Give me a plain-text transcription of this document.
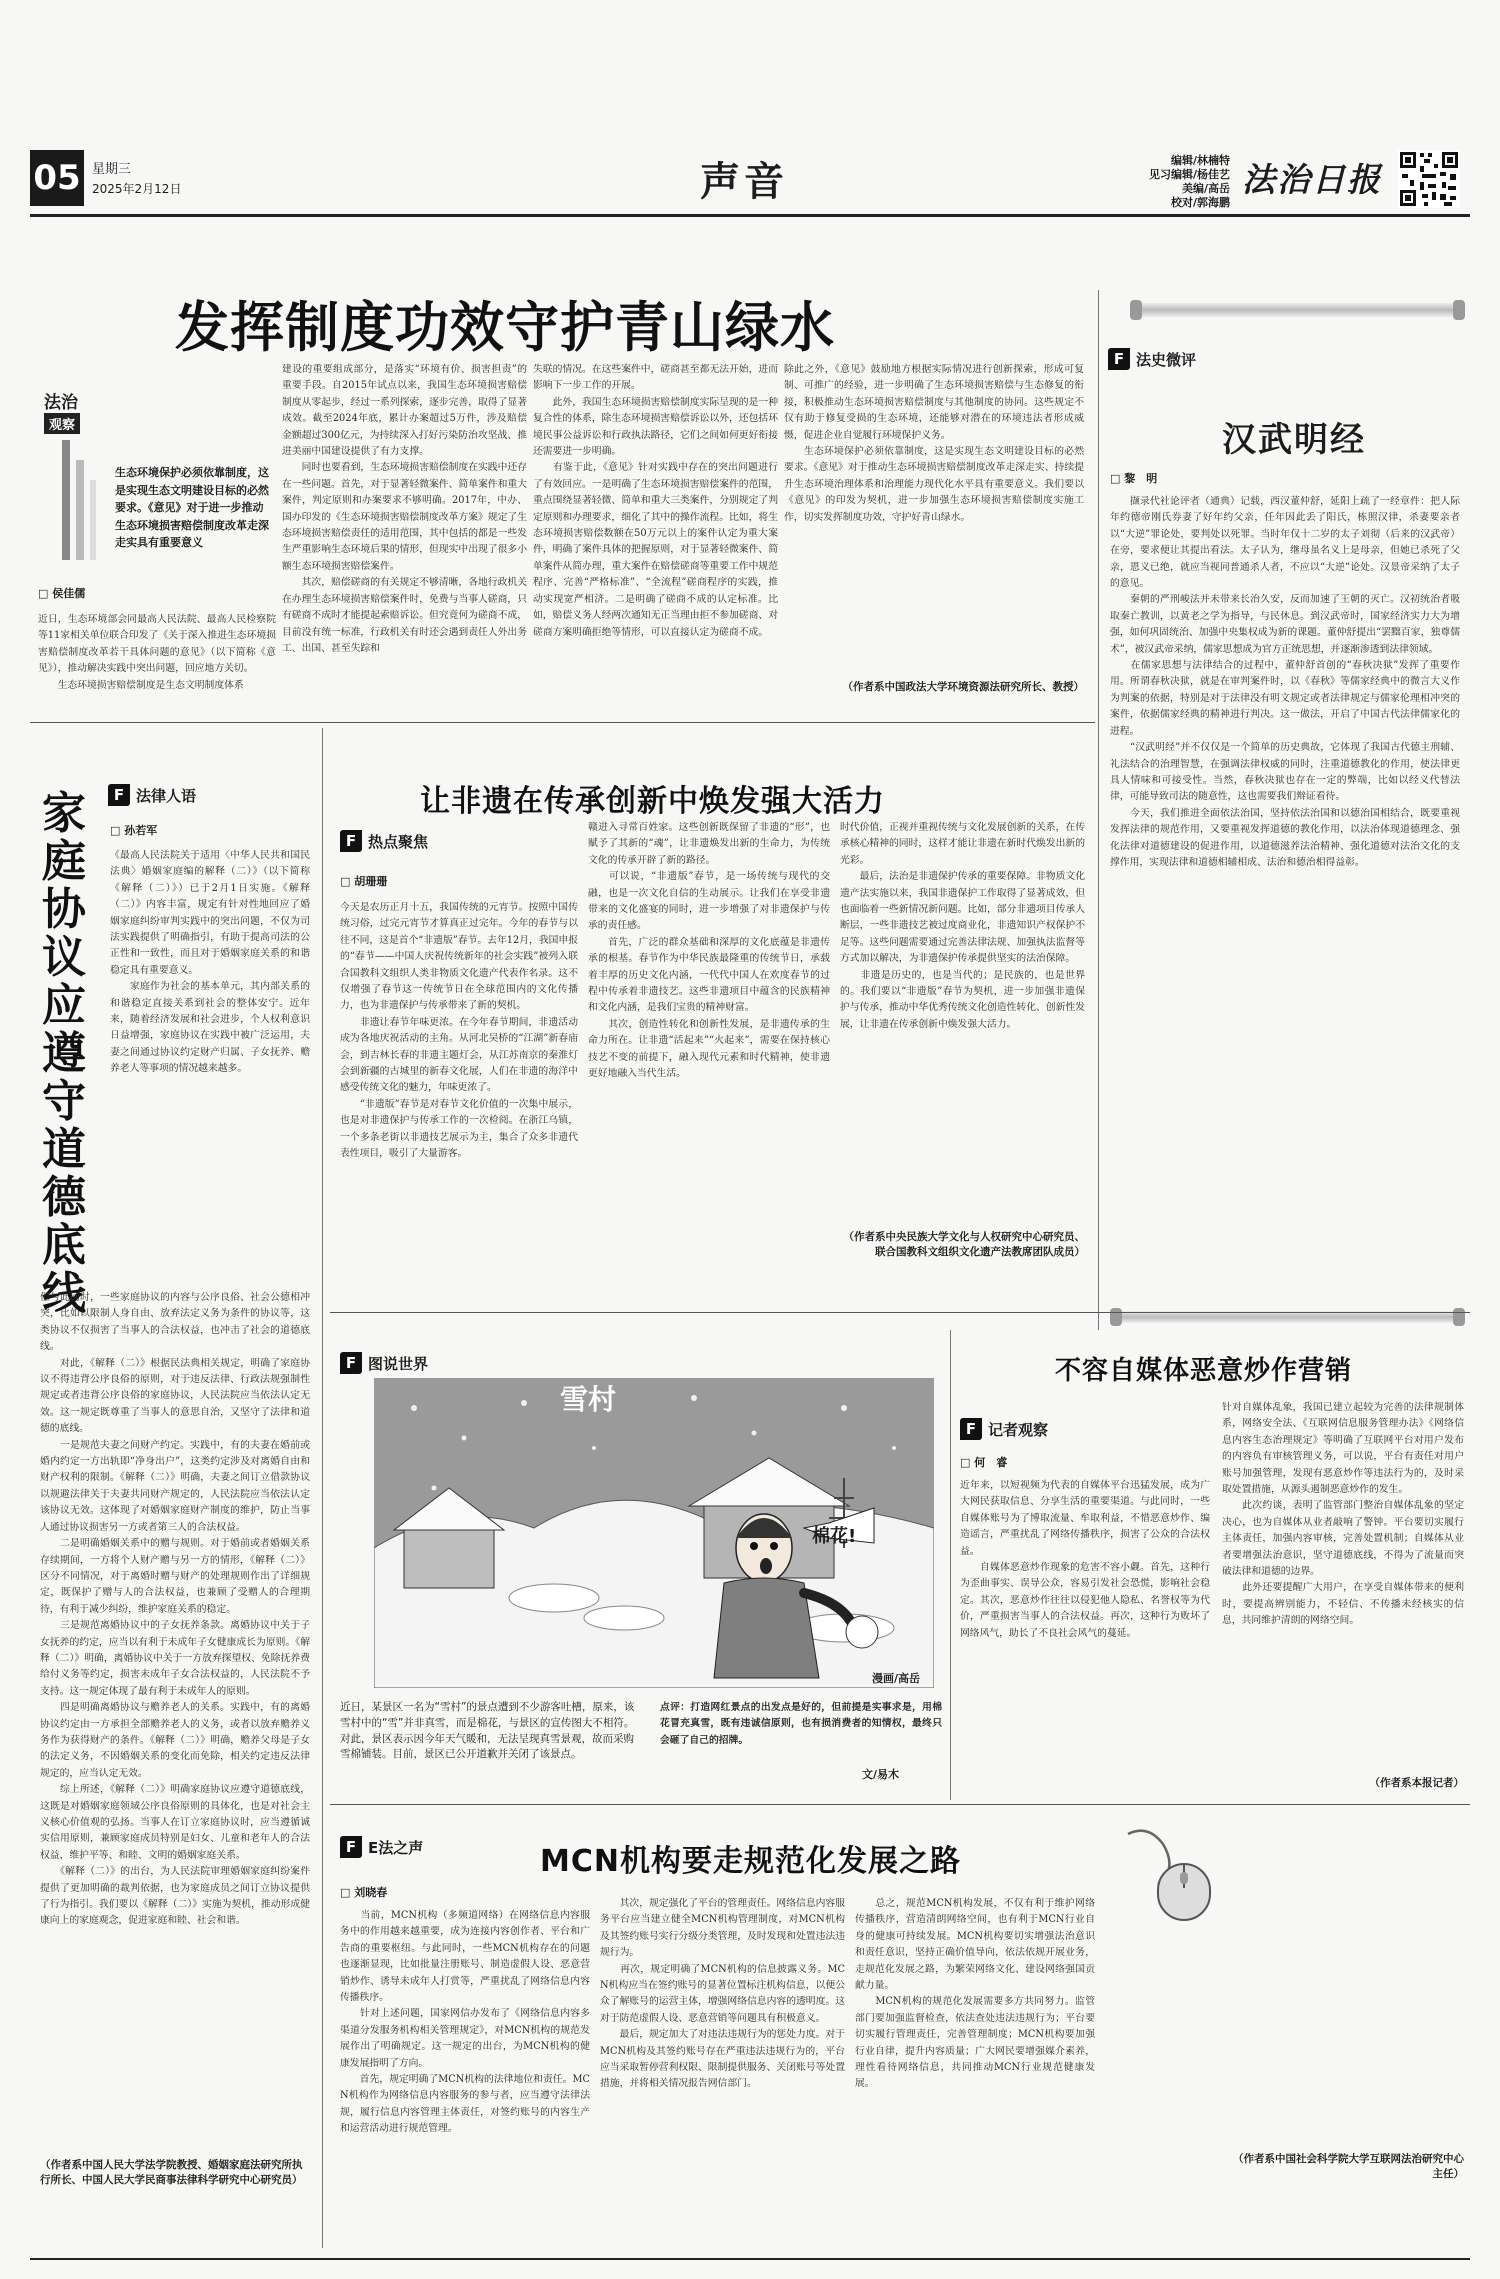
05 星期三
2025年2月12日	声音	编辑/林楠特
见习编辑/杨佳艺
美编/高岳
校对/郭海鹏
法治日报
发挥制度功效守护青山绿水
法治
观察
生态环境保护必须依靠制度，这是实现生态文明建设目标的必然要求。《意见》对于进一步推动生态环境损害赔偿制度改革走深走实具有重要意义
□ 侯佳儒
近日，生态环境部会同最高人民法院、最高人民检察院等11家相关单位联合印发了《关于深入推进生态环境损害赔偿制度改革若干具体问题的意见》（以下简称《意见》），推动解决实践中突出问题，回应地方关切。
　　生态环境损害赔偿制度是生态文明制度体系
建设的重要组成部分，是落实“环境有价、损害担责”的重要手段。自2015年试点以来，我国生态环境损害赔偿制度从零起步，经过一系列探索，逐步完善，取得了显著成效。截至2024年底，累计办案超过5万件，涉及赔偿金额超过300亿元，为持续深入打好污染防治攻坚战、推进美丽中国建设提供了有力支撑。
　　同时也要看到，生态环境损害赔偿制度在实践中还存在一些问题。首先，对于显著轻微案件、简单案件和重大案件，判定原则和办案要求不够明确。2017年，中办、国办印发的《生态环境损害赔偿制度改革方案》规定了生态环境损害赔偿责任的适用范围，其中包括的都是一些发生严重影响生态环境后果的情形，但现实中出现了很多小额生态环境损害赔偿案件。
　　其次，赔偿磋商的有关规定不够清晰，各地行政机关在办理生态环境损害赔偿案件时，免费与当事人磋商，只有磋商不成时才能提起索赔诉讼。但究竟何为磋商不成，目前没有统一标准，行政机关有时还会遇到责任人外出务工、出国、甚至失踪和
失联的情况。在这些案件中，磋商甚至都无法开始，进而影响下一步工作的开展。
　　此外，我国生态环境损害赔偿制度实际呈现的是一种复合性的体系，除生态环境损害赔偿诉讼以外，还包括环境民事公益诉讼和行政执法路径，它们之间如何更好衔接还需要进一步明确。
　　有鉴于此，《意见》针对实践中存在的突出问题进行了有效回应。一是明确了生态环境损害赔偿案件的范围，重点围绕显著轻微、简单和重大三类案件，分别规定了判定原则和办理要求，细化了其中的操作流程。比如，将生态环境损害赔偿数额在50万元以上的案件认定为重大案件，明确了案件具体的把握原则，对于显著轻微案件、简单案件从简办理，重大案件在赔偿磋商等重要工作中规范程序、完善“严格标准”、“全流程”磋商程序的实践，推动实现宽严相济。二是明确了磋商不成的认定标准。比如，赔偿义务人经两次通知无正当理由拒不参加磋商、对磋商方案明确拒绝等情形，可以直接认定为磋商不成。
除此之外，《意见》鼓励地方根据实际情况进行创新探索，形成可复制、可推广的经验，进一步明确了生态环境损害赔偿与生态修复的衔接，积极推动生态环境损害赔偿制度与其他制度的协同。这些规定不仅有助于修复受损的生态环境，还能够对潜在的环境违法者形成威慑，促进企业自觉履行环境保护义务。
　　生态环境保护必须依靠制度，这是实现生态文明建设目标的必然要求。《意见》对于推动生态环境损害赔偿制度改革走深走实、持续提升生态环境治理体系和治理能力现代化水平具有重要意义。我们要以《意见》的印发为契机，进一步加强生态环境损害赔偿制度实施工作，切实发挥制度功效，守护好青山绿水。
（作者系中国政法大学环境资源法研究所长、教授）
F 法史微评
汉武明经
□ 黎　明
　　撷录代社论评者（通典）记载，西汉董仲舒，延阳上疏了一经章件：把人际年约德帝刚氏券妻了好年约父亲，任年因此丢了阳氏，栋照汉律，杀妻要亲者以“大逆”罪论处，要判处以死罪。当时年仅十二岁的太子刘彻（后来的汉武帝）在旁，要求便让其提出看法。太子认为，继母虽名义上是母亲，但她已杀死了父亲，恩义已绝，就应当视同普通杀人者，不应以“大逆”论处。汉景帝采纳了太子的意见。
　　秦朝的严刑峻法并未带来长治久安，反而加速了王朝的灭亡。汉初统治者吸取秦亡教训，以黄老之学为指导，与民休息。到汉武帝时，国家经济实力大为增强，如何巩固统治、加强中央集权成为新的课题。董仲舒提出“罢黜百家，独尊儒术”，被汉武帝采纳，儒家思想成为官方正统思想，并逐渐渗透到法律领域。
　　在儒家思想与法律结合的过程中，董仲舒首创的“春秋决狱”发挥了重要作用。所谓春秋决狱，就是在审判案件时，以《春秋》等儒家经典中的微言大义作为判案的依据，特别是对于法律没有明文规定或者法律规定与儒家伦理相冲突的案件，依据儒家经典的精神进行判决。这一做法，开启了中国古代法律儒家化的进程。
　　“汉武明经”并不仅仅是一个简单的历史典故，它体现了我国古代德主刑辅、礼法结合的治理智慧，在强调法律权威的同时，注重道德教化的作用，使法律更具人情味和可接受性。当然，春秋决狱也存在一定的弊端，比如以经义代替法律，可能导致司法的随意性，这也需要我们辩证看待。
　　今天，我们推进全面依法治国，坚持依法治国和以德治国相结合，既要重视发挥法律的规范作用，又要重视发挥道德的教化作用，以法治体现道德理念、强化法律对道德建设的促进作用，以道德滋养法治精神、强化道德对法治文化的支撑作用，实现法律和道德相辅相成、法治和德治相得益彰。
F 法律人语
□ 孙若军
家庭协议应遵守道德底线
《最高人民法院关于适用〈中华人民共和国民法典〉婚姻家庭编的解释（二）》（以下简称《解释（二）》）已于2月1日实施。《解释（二）》内容丰富，规定有针对性地回应了婚姻家庭纠纷审判实践中的突出问题，不仅为司法实践提供了明确指引，有助于提高司法的公正性和一致性，而且对于婚姻家庭关系的和谐稳定具有重要意义。
　　家庭作为社会的基本单元，其内部关系的和谐稳定直接关系到社会的整体安宁。近年来，随着经济发展和社会进步，个人权利意识日益增强，家庭协议在实践中被广泛运用，夫妻之间通过协议约定财产归属、子女抚养、赡养老人等事项的情况越来越多。
但与此同时，一些家庭协议的内容与公序良俗、社会公德相冲突，比如以限制人身自由、放弃法定义务为条件的协议等，这类协议不仅损害了当事人的合法权益，也冲击了社会的道德底线。
　　对此，《解释（二）》根据民法典相关规定，明确了家庭协议不得违背公序良俗的原则，对于违反法律、行政法规强制性规定或者违背公序良俗的家庭协议，人民法院应当依法认定无效。这一规定既尊重了当事人的意思自治，又坚守了法律和道德的底线。
　　一是规范夫妻之间财产约定。实践中，有的夫妻在婚前或婚内约定一方出轨即“净身出户”，这类约定涉及对离婚自由和财产权利的限制。《解释（二）》明确，夫妻之间订立借款协议以规避法律关于夫妻共同财产规定的，人民法院应当依法认定该协议无效。这体现了对婚姻家庭财产制度的维护，防止当事人通过协议损害另一方或者第三人的合法权益。
　　二是明确婚姻关系中的赠与规则。对于婚前或者婚姻关系存续期间，一方将个人财产赠与另一方的情形，《解释（二）》区分不同情况，对于离婚时赠与财产的处理规则作出了详细规定，既保护了赠与人的合法权益，也兼顾了受赠人的合理期待，有利于减少纠纷，维护家庭关系的稳定。
　　三是规范离婚协议中的子女抚养条款。离婚协议中关于子女抚养的约定，应当以有利于未成年子女健康成长为原则。《解释（二）》明确，离婚协议中关于一方放弃探望权、免除抚养费给付义务等约定，损害未成年子女合法权益的，人民法院不予支持。这一规定体现了最有利于未成年人的原则。
　　四是明确离婚协议与赡养老人的关系。实践中，有的离婚协议约定由一方承担全部赡养老人的义务，或者以放弃赡养义务作为获得财产的条件。《解释（二）》明确，赡养父母是子女的法定义务，不因婚姻关系的变化而免除，相关约定违反法律规定的，应当认定无效。
　　综上所述，《解释（二）》明确家庭协议应遵守道德底线，这既是对婚姻家庭领域公序良俗原则的具体化，也是对社会主义核心价值观的弘扬。当事人在订立家庭协议时，应当遵循诚实信用原则，兼顾家庭成员特别是妇女、儿童和老年人的合法权益，维护平等、和睦、文明的婚姻家庭关系。
　　《解释（二）》的出台，为人民法院审理婚姻家庭纠纷案件提供了更加明确的裁判依据，也为家庭成员之间订立协议提供了行为指引。我们要以《解释（二）》实施为契机，推动形成健康向上的家庭观念，促进家庭和睦、社会和谐。
（作者系中国人民大学法学院教授、婚姻家庭法研究所执行所长、中国人民大学民商事法律科学研究中心研究员）
让非遗在传承创新中焕发强大活力
F 热点聚焦
□ 胡珊珊
今天是农历正月十五，我国传统的元宵节。按照中国传统习俗，过完元宵节才算真正过完年。今年的春节与以往不同，这是首个“非遗版”春节。去年12月，我国申报的“春节——中国人庆祝传统新年的社会实践”被列入联合国教科文组织人类非物质文化遗产代表作名录。这不仅增强了春节这一传统节日在全球范围内的文化传播力，也为非遗保护与传承带来了新的契机。
　　非遗让春节年味更浓。在今年春节期间，非遗活动成为各地庆祝活动的主角。从河北吴桥的“江湖”新春庙会，到吉林长春的非遗主题灯会，从江苏南京的秦淮灯会到新疆的古城里的新春文化展，人们在非遗的海洋中感受传统文化的魅力，年味更浓了。
　　“非遗版”春节是对春节文化价值的一次集中展示，也是对非遗保护与传承工作的一次检阅。在浙江乌镇，一个多条老街以非遗技艺展示为主，集合了众多非遗代表性项目，吸引了大量游客。
赣进入寻常百姓家。这些创新既保留了非遗的“形”，也赋予了其新的“魂”，让非遗焕发出新的生命力，为传统文化的传承开辟了新的路径。
　　可以说，“非遗版”春节，是一场传统与现代的交融，也是一次文化自信的生动展示。让我们在享受非遗带来的文化盛宴的同时，进一步增强了对非遗保护与传承的责任感。
　　首先，广泛的群众基础和深厚的文化底蕴是非遗传承的根基。春节作为中华民族最隆重的传统节日，承载着丰厚的历史文化内涵，一代代中国人在欢度春节的过程中传承着非遗技艺。这些非遗项目中蕴含的民族精神和文化内涵，是我们宝贵的精神财富。
　　其次，创造性转化和创新性发展，是非遗传承的生命力所在。让非遗“活起来”“火起来”，需要在保持核心技艺不变的前提下，融入现代元素和时代精神，使非遗更好地融入当代生活。
时代价值，正视并重视传统与文化发展创新的关系，在传承核心精神的同时，这样才能让非遗在新时代焕发出新的光彩。
　　最后，法治是非遗保护传承的重要保障。非物质文化遗产法实施以来，我国非遗保护工作取得了显著成效，但也面临着一些新情况新问题。比如，部分非遗项目传承人断层，一些非遗技艺被过度商业化，非遗知识产权保护不足等。这些问题需要通过完善法律法规、加强执法监督等方式加以解决，为非遗保护传承提供坚实的法治保障。
　　非遗是历史的，也是当代的；是民族的，也是世界的。我们要以“非遗版”春节为契机，进一步加强非遗保护与传承，推动中华优秀传统文化创造性转化、创新性发展，让非遗在传承创新中焕发强大活力。
（作者系中央民族大学文化与人权研究中心研究员、联合国教科文组织文化遗产法教席团队成员）
F 图说世界
雪村
棉花!
漫画/高岳
近日，某景区一名为“雪村”的景点遭到不少游客吐槽，原来，该雪村中的“雪”并非真雪，而是棉花，与景区的宣传图大不相符。对此，景区表示因今年天气暖和，无法呈现真雪景观，故而采购雪棉铺装。目前，景区已公开道歉并关闭了该景点。
点评：打造网红景点的出发点是好的，但前提是实事求是，用棉花冒充真雪，既有违诚信原则，也有损消费者的知情权，最终只会砸了自己的招牌。
文/易木
不容自媒体恶意炒作营销
F 记者观察
□ 何　睿
近年来，以短视频为代表的自媒体平台迅猛发展，成为广大网民获取信息、分享生活的重要渠道。与此同时，一些自媒体账号为了博取流量、牟取利益，不惜恶意炒作、编造谣言，严重扰乱了网络传播秩序，损害了公众的合法权益。
　　自媒体恶意炒作现象的危害不容小觑。首先，这种行为歪曲事实、误导公众，容易引发社会恐慌，影响社会稳定。其次，恶意炒作往往以侵犯他人隐私、名誉权等为代价，严重损害当事人的合法权益。再次，这种行为败坏了网络风气，助长了不良社会风气的蔓延。
针对自媒体乱象，我国已建立起较为完善的法律规制体系，网络安全法、《互联网信息服务管理办法》《网络信息内容生态治理规定》等明确了互联网平台对用户发布的内容负有审核管理义务，可以说，平台有责任对用户账号加强管理，发现有恶意炒作等违法行为的，及时采取处置措施，从源头遏制恶意炒作的发生。
　　此次约谈，表明了监管部门整治自媒体乱象的坚定决心，也为自媒体从业者敲响了警钟。平台要切实履行主体责任，加强内容审核，完善处置机制；自媒体从业者要增强法治意识，坚守道德底线，不得为了流量而突破法律和道德的边界。
　　此外还要提醒广大用户，在享受自媒体带来的便利时，要提高辨别能力，不轻信、不传播未经核实的信息，共同维护清朗的网络空间。
（作者系本报记者）
F E法之声	MCN机构要走规范化发展之路
□ 刘晓春
　　当前，MCN机构（多频道网络）在网络信息内容服务中的作用越来越重要，成为连接内容创作者、平台和广告商的重要枢纽。与此同时，一些MCN机构存在的问题也逐渐显现，比如批量注册账号、制造虚假人设、恶意营销炒作、诱导未成年人打赏等，严重扰乱了网络信息内容传播秩序。
　　针对上述问题，国家网信办发布了《网络信息内容多渠道分发服务机构相关管理规定》，对MCN机构的规范发展作出了明确规定。这一规定的出台，为MCN机构的健康发展指明了方向。
　　首先，规定明确了MCN机构的法律地位和责任。MCN机构作为网络信息内容服务的参与者，应当遵守法律法规，履行信息内容管理主体责任，对签约账号的内容生产和运营活动进行规范管理。
　　其次，规定强化了平台的管理责任。网络信息内容服务平台应当建立健全MCN机构管理制度，对MCN机构及其签约账号实行分级分类管理，及时发现和处置违法违规行为。
　　再次，规定明确了MCN机构的信息披露义务。MCN机构应当在签约账号的显著位置标注机构信息，以便公众了解账号的运营主体，增强网络信息内容的透明度。这对于防范虚假人设、恶意营销等问题具有积极意义。
　　最后，规定加大了对违法违规行为的惩处力度。对于MCN机构及其签约账号存在严重违法违规行为的，平台应当采取暂停营利权限、限制提供服务、关闭账号等处置措施，并将相关情况报告网信部门。
　　总之，规范MCN机构发展，不仅有利于维护网络传播秩序，营造清朗网络空间，也有利于MCN行业自身的健康可持续发展。MCN机构要切实增强法治意识和责任意识，坚持正确价值导向，依法依规开展业务，走规范化发展之路，为繁荣网络文化、建设网络强国贡献力量。
　　MCN机构的规范化发展需要多方共同努力。监管部门要加强监督检查，依法查处违法违规行为；平台要切实履行管理责任，完善管理制度；MCN机构要加强行业自律，提升内容质量；广大网民要增强媒介素养，理性看待网络信息，共同推动MCN行业规范健康发展。
（作者系中国社会科学院大学互联网法治研究中心主任）
